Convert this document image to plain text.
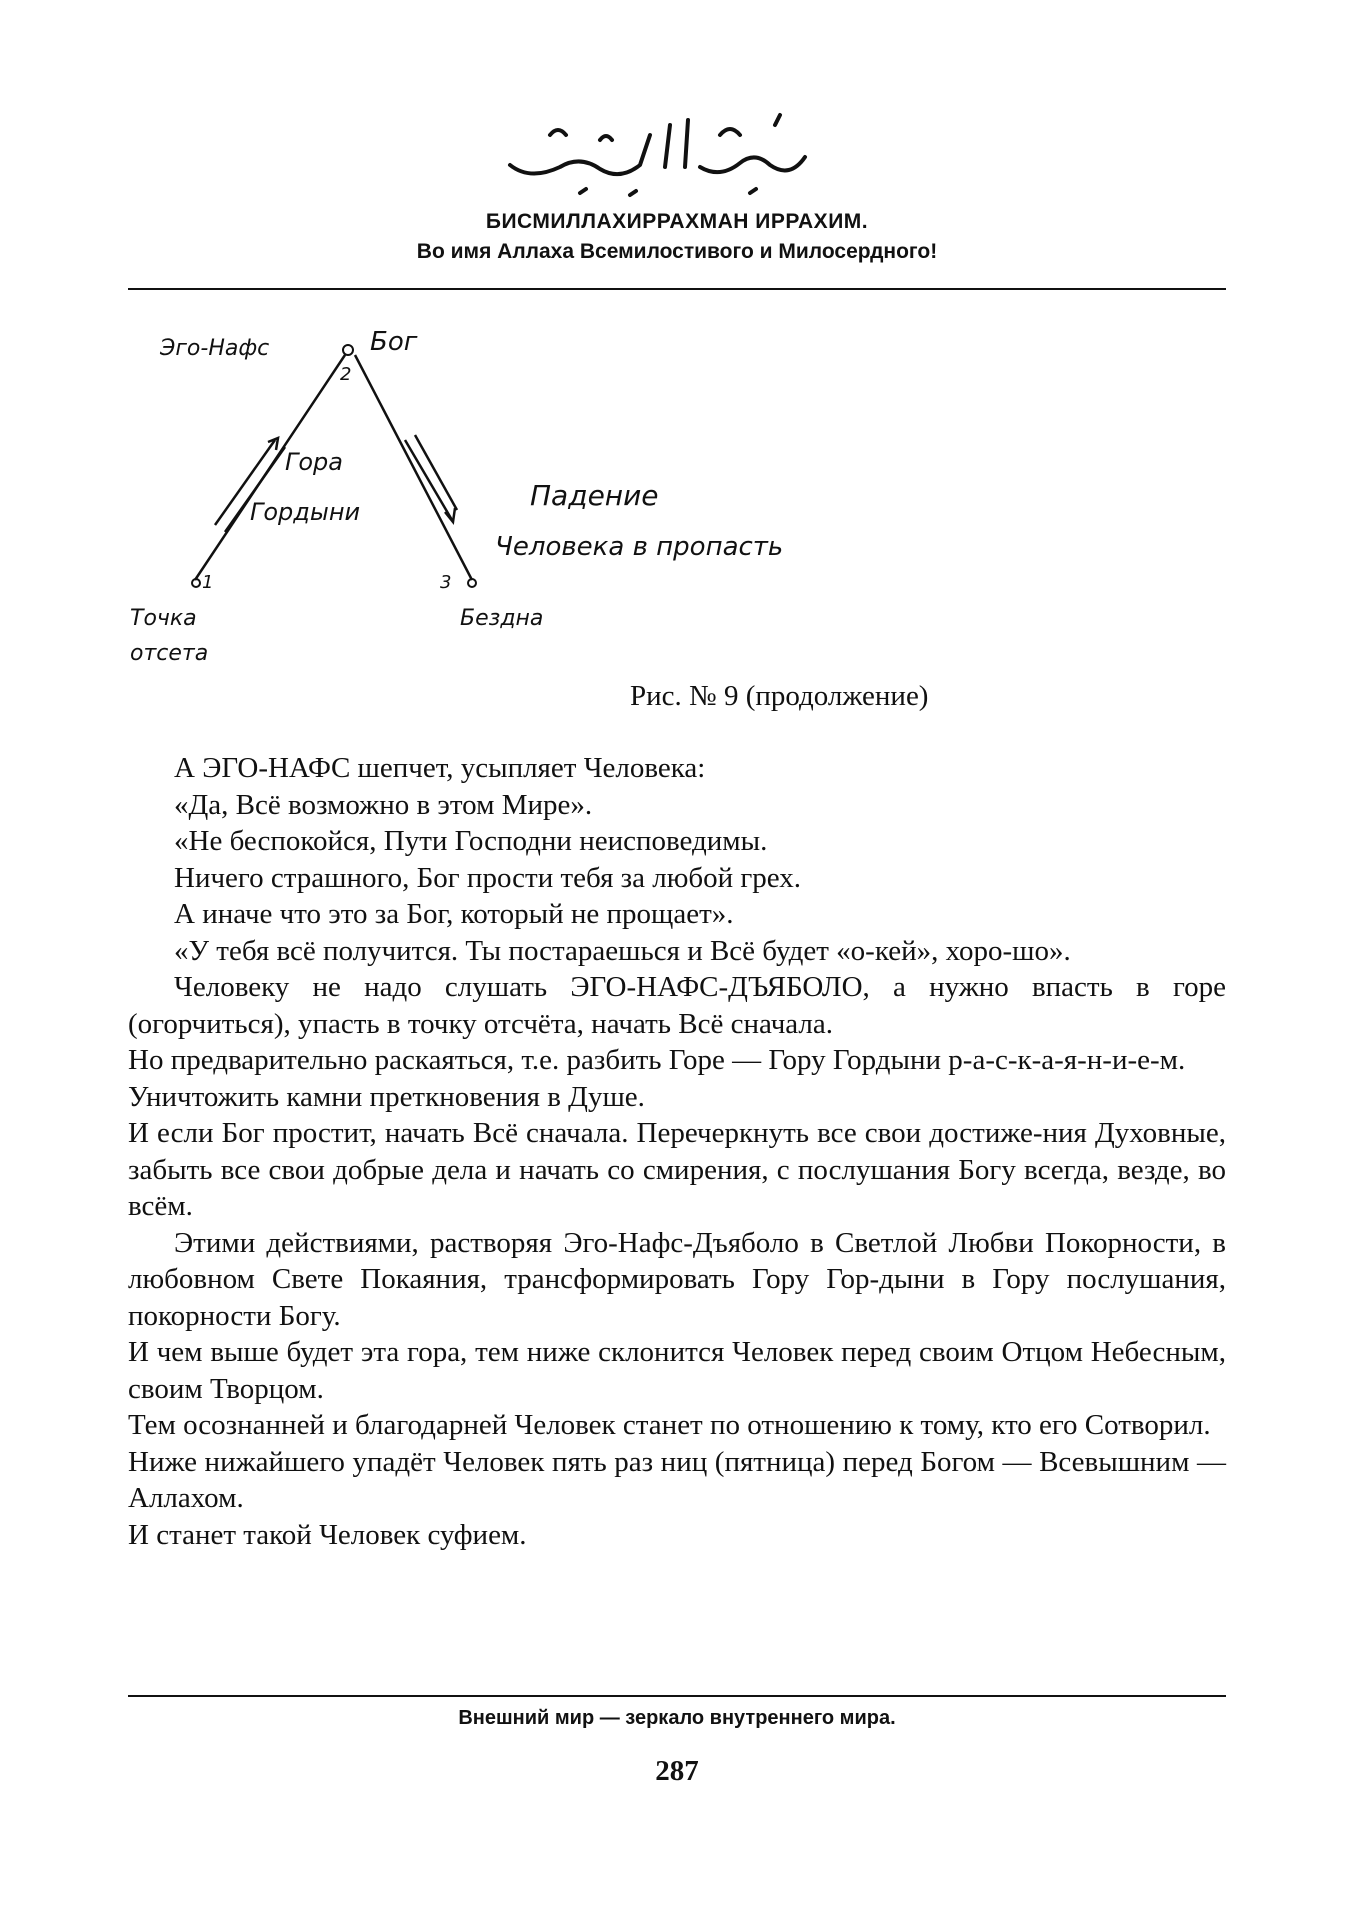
БИСМИЛЛАХИРРАХМАН ИРРАХИМ.
Во имя Аллаха Всемилостивого и Милосердного!
Эго-Нафс	Бог
2
Гора
Гордыни	Падение
Человека в пропасть
1	3
Точка
отсета
Бездна
Рис. № 9 (продолжение)

А ЭГО-НАФС шепчет, усыпляет Человека:

«Да, Всё возможно в этом Мире».

«Не беспокойся, Пути Господни неисповедимы.

Ничего страшного, Бог прости тебя за любой грех.

А иначе что это за Бог, который не прощает».

«У тебя всё получится. Ты постараешься и Всё будет «о-кей», хоро-шо».

Человеку не надо слушать ЭГО-НАФС-ДЪЯБОЛО, а нужно впасть в горе (огорчиться), упасть в точку отсчёта, начать Всё сначала.

Но предварительно раскаяться, т.е. разбить Горе — Гору Гордыни р-а-с-к-а-я-н-и-е-м.

Уничтожить камни преткновения в Душе.

И если Бог простит, начать Всё сначала. Перечеркнуть все свои достиже-ния Духовные, забыть все свои добрые дела и начать со смирения, с послушания Богу всегда, везде, во всём.

Этими действиями, растворяя Эго-Нафс-Дъяболо в Светлой Любви Покорности, в любовном Свете Покаяния, трансформировать Гору Гор-дыни в Гору послушания, покорности Богу.

И чем выше будет эта гора, тем ниже склонится Человек перед своим Отцом Небесным, своим Творцом.

Тем осознанней и благодарней Человек станет по отношению к тому, кто его Сотворил.

Ниже нижайшего упадёт Человек пять раз ниц (пятница) перед Богом — Всевышним — Аллахом.

И станет такой Человек суфием.

Внешний мир — зеркало внутреннего мира.
287
